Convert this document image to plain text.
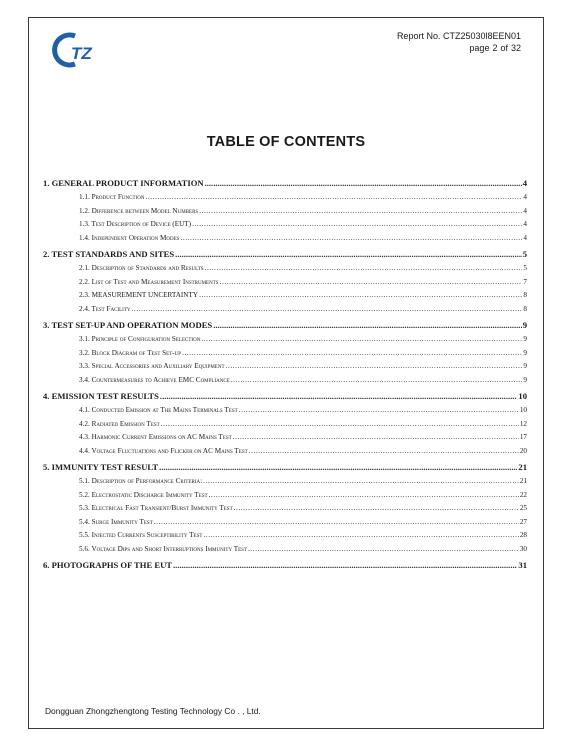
TZ
Report No. CTZ25030l8EEN01
page 2 of 32
TABLE OF CONTENTS
1. GENERAL PRODUCT INFORMATION .....	4
1.1. Product Function .....	4
1.2. Difference between Model Numbers .....	4
1.3. Test Description of Device (EUT) .....	4
1.4. Independent Operation Modes .....	4
2. TEST STANDARDS AND SITES .....	5
2.1. Description of Standards and Results .....	5
2.2. List of Test and Measurement Instruments .....	7
2.3. MEASUREMENT UNCERTAINTY .....	8
2.4. Test Facility .....	8
3. TEST SET-UP AND OPERATION MODES .....	9
3.1. Principle of Configuration Selection .....	9
3.2. Block Diagram of Test Set-up .....	9
3.3. Special Accessories and Auxiliary Equipment .....	9
3.4. Countermeasures to Achieve EMC Compliance .....	9
4. EMISSION TEST RESULTS .....	10
4.1. Conducted Emission at The Mains Terminals Test .....	10
4.2. Radiated Emission Test .....	12
4.3. Harmonic Current Emissions on AC Mains Test .....	17
4.4. Voltage Fluctuations and Flicker on AC Mains Test .....	20
5. IMMUNITY TEST RESULT .....	21
5.1. Description of Performance Criteria: .....	21
5.2. Electrostatic Discharge Immunity Test .....	22
5.3. Electrical Fast Transient/Burst Immunity Test .....	25
5.4. Surge Immunity Test .....	27
5.5. Injected Currents Susceptibility Test .....	28
5.6. Voltage Dips and Short Interruptions Immunity Test .....	30
6. PHOTOGRAPHS OF THE EUT .....	31
Dongguan Zhongzhengtong Testing Technology Co . , Ltd.
